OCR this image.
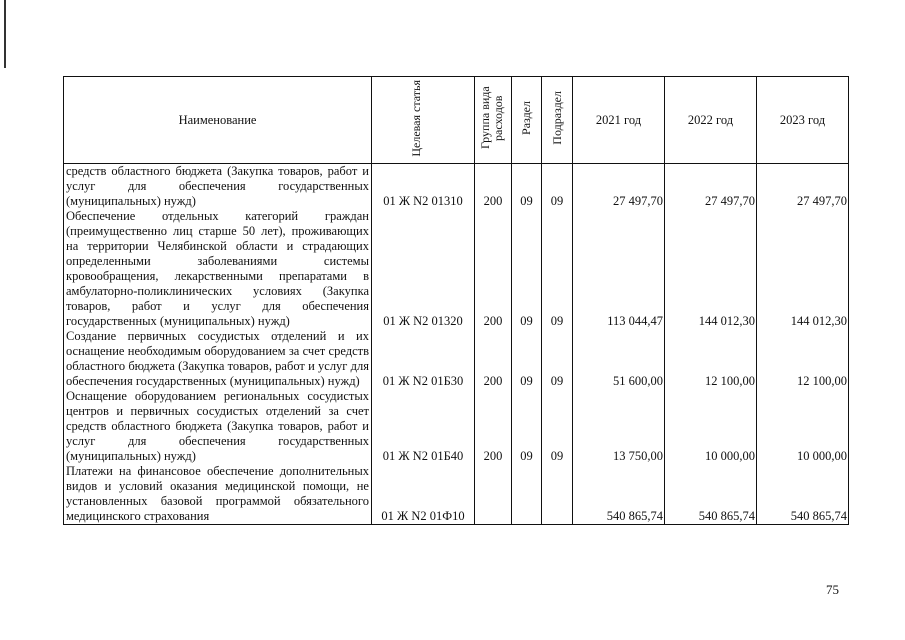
Наименование	Целевая статья	Группа вида расходов	Раздел	Подраздел	2021 год	2022 год	2023 год
средств областного бюджета (Закупка товаров, работ и услуг для обеспечения государственных (муниципальных) нужд)	01 Ж N2 01310	200	09	09	27 497,70	27 497,70	27 497,70
Обеспечение отдельных категорий граждан (преимущественно лиц старше 50 лет), проживающих на территории Челябинской области и страдающих определенными заболеваниями системы кровообращения, лекарственными препаратами в амбулаторно-поликлинических условиях (Закупка товаров, работ и услуг для обеспечения государственных (муниципальных) нужд)	01 Ж N2 01320	200	09	09	113 044,47	144 012,30	144 012,30
Создание первичных сосудистых отделений и их оснащение необходимым оборудованием за счет средств областного бюджета (Закупка товаров, работ и услуг для обеспечения государственных (муниципальных) нужд)	01 Ж N2 01Б30	200	09	09	51 600,00	12 100,00	12 100,00
Оснащение оборудованием региональных сосудистых центров и первичных сосудистых отделений за счет средств областного бюджета (Закупка товаров, работ и услуг для обеспечения государственных (муниципальных) нужд)	01 Ж N2 01Б40	200	09	09	13 750,00	10 000,00	10 000,00
Платежи на финансовое обеспечение дополнительных видов и условий оказания медицинской помощи, не установленных базовой программой обязательного медицинского страхования	01 Ж N2 01Ф10				540 865,74	540 865,74	540 865,74
75
